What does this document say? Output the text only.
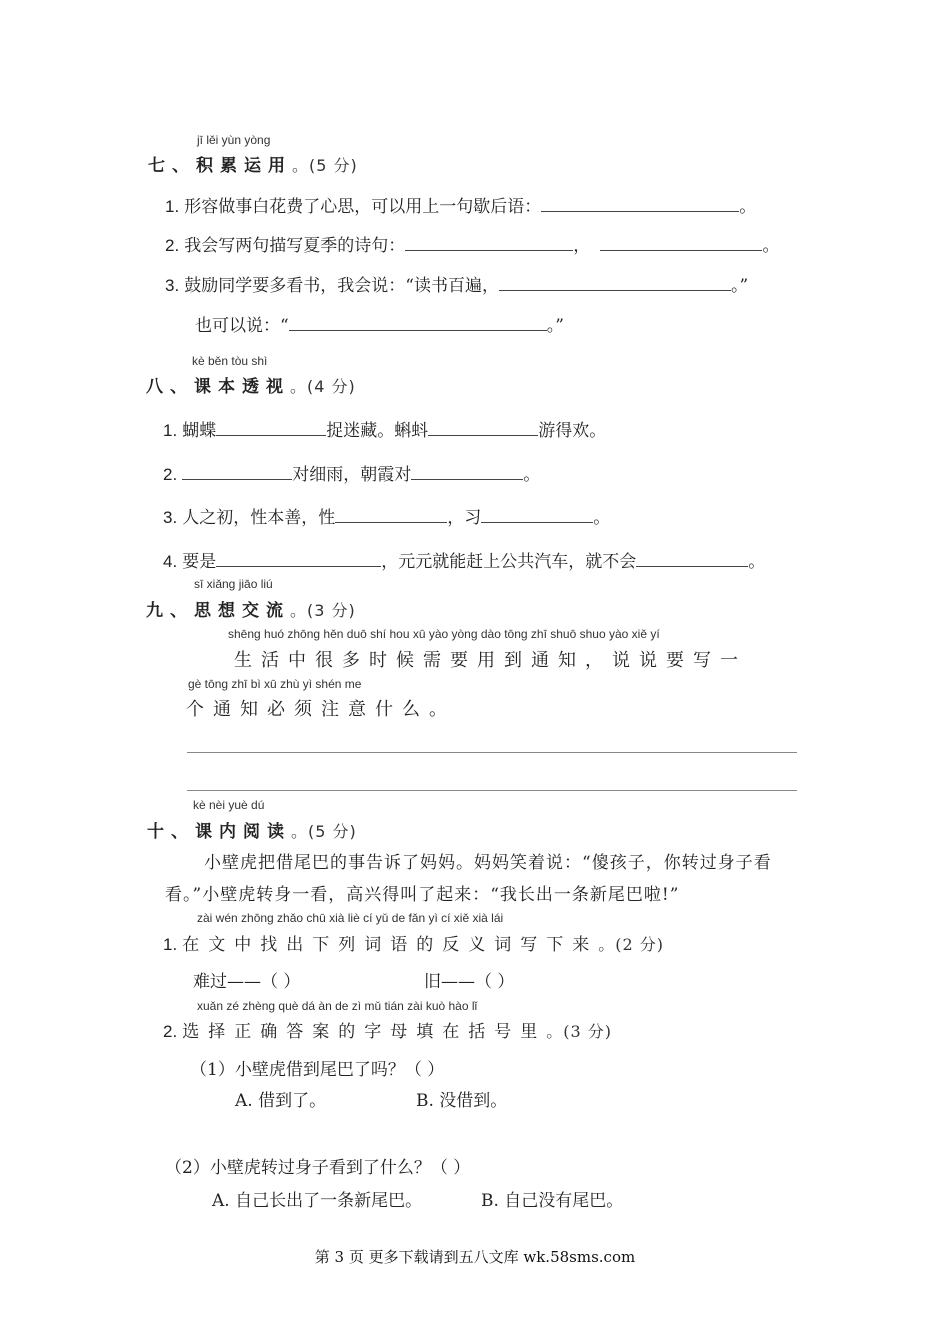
jī lěi yùn yòng
七、积累运用。(5 分)
1. 形容做事白花费了心思，可以用上一句歇后语：	。
2. 我会写两句描写夏季的诗句：	，	。
3. 鼓励同学要多看书，我会说：“读书百遍，	。”
也可以说：“	。”
kè běn tòu shì
八、课本透视。(4 分)
1. 蝴蝶	捉迷藏。蝌蚪	游得欢。
2.	对细雨，朝霞对	。
3. 人之初，性本善，性	，习	。
4. 要是	，元元就能赶上公共汽车，就不会	。
sī xiǎng jiāo liú
九、思想交流。(3 分)
shēng huó zhōng hěn duō shí hou xū yào yòng dào tōng zhī shuō shuo yào xiě yí
生活中很多时候需要用到通知，说说要写一
gè tōng zhī bì xū zhù yì shén me
个通知必须注意什么。
kè nèi yuè dú
十、课内阅读。(5 分)
小壁虎把借尾巴的事告诉了妈妈。妈妈笑着说：“傻孩子，你转过身子看
看。”小壁虎转身一看，高兴得叫了起来：“我长出一条新尾巴啦!”
zài wén zhōng zhǎo chū xià liè cí yǔ de fǎn yì cí xiě xià lái
1. 在文中找出下列词语的反义词写下来。(2 分)
难过——（ ）	旧——（ ）
xuǎn zé zhèng què dá àn de zì mǔ tián zài kuò hào lǐ
2. 选择正确答案的字母填在括号里。(3 分)
（1）小壁虎借到尾巴了吗？（ ）
A. 借到了。	B. 没借到。
（2）小壁虎转过身子看到了什么？（ ）
A. 自己长出了一条新尾巴。	B. 自己没有尾巴。
第 3 页 更多下载请到五八文库 wk.58sms.com
